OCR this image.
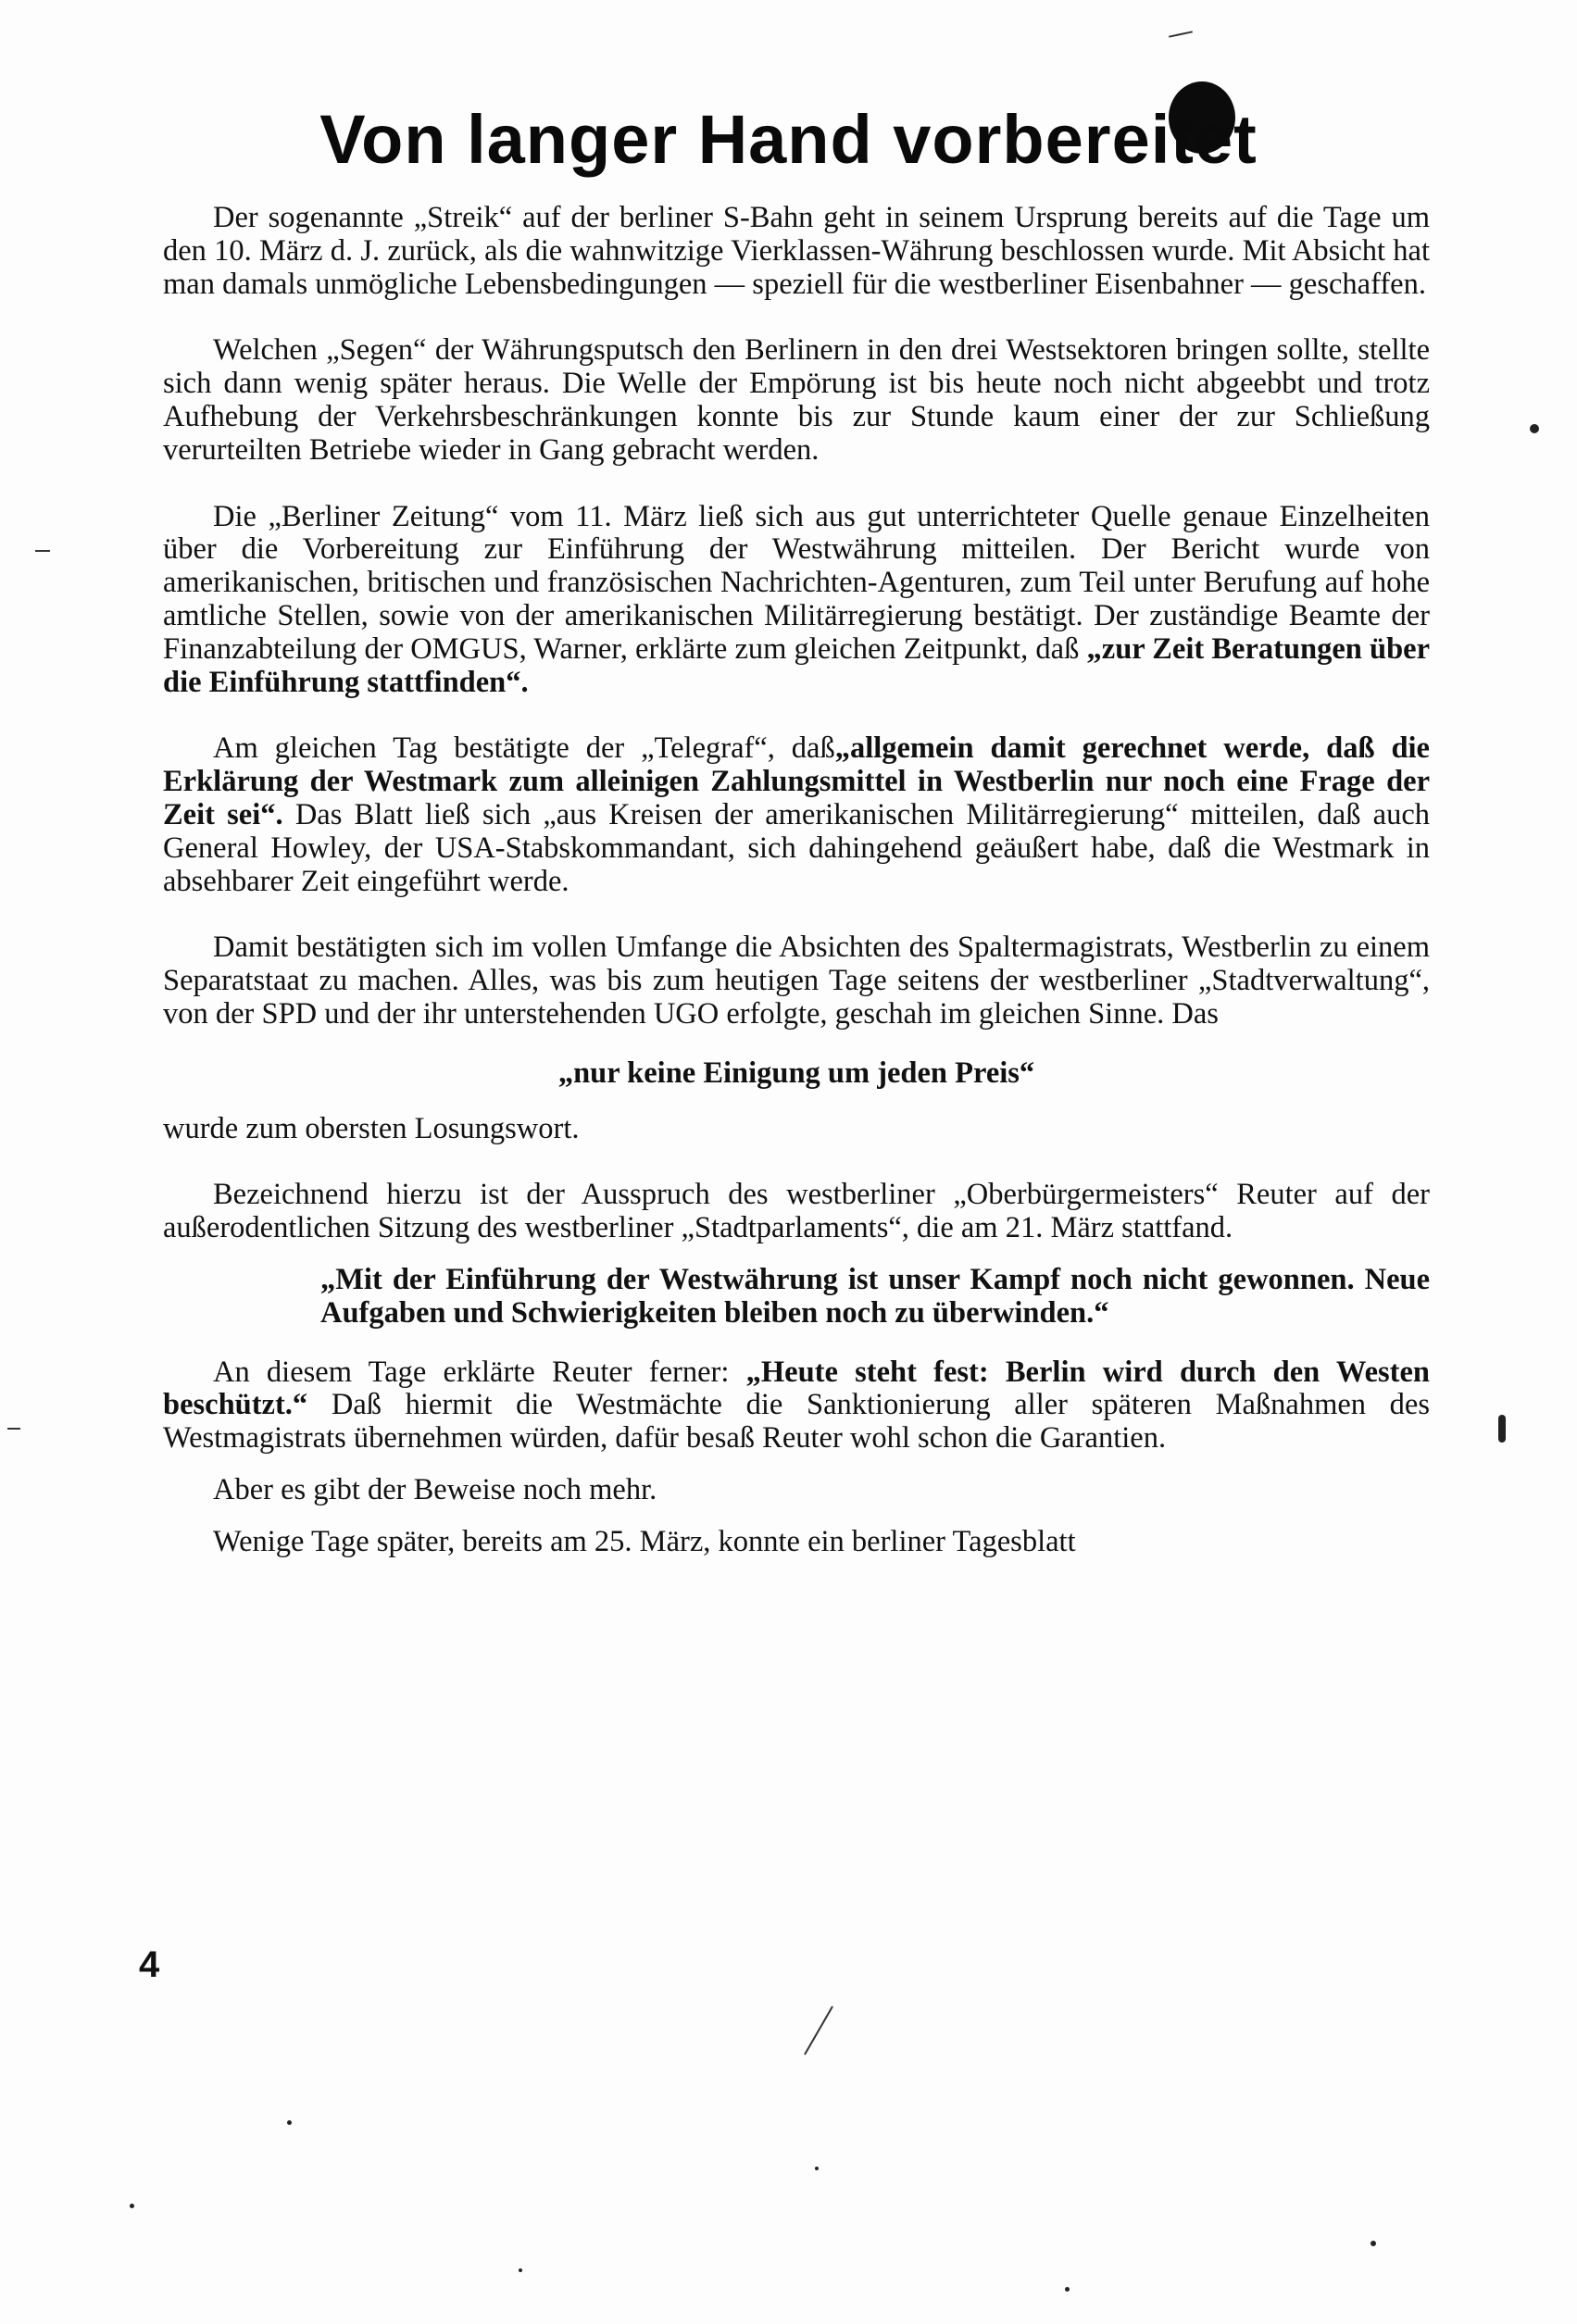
Von langer Hand vorbereitet

Der sogenannte „Streik“ auf der berliner S-Bahn geht in seinem Ursprung bereits auf die Tage um den 10. März d. J. zurück, als die wahnwitzige Vierklassen-Währung beschlossen wurde. Mit Absicht hat man damals unmögliche Lebensbedingungen — speziell für die westberliner Eisenbahner — geschaffen.

Welchen „Segen“ der Währungsputsch den Berlinern in den drei Westsektoren bringen sollte, stellte sich dann wenig später heraus. Die Welle der Empörung ist bis heute noch nicht abgeebbt und trotz Aufhebung der Verkehrsbeschränkungen konnte bis zur Stunde kaum einer der zur Schließung verurteilten Betriebe wieder in Gang gebracht werden.

Die „Berliner Zeitung“ vom 11. März ließ sich aus gut unterrichteter Quelle genaue Einzelheiten über die Vorbereitung zur Einführung der Westwährung mitteilen. Der Bericht wurde von amerikanischen, britischen und französischen Nachrichten-Agenturen, zum Teil unter Berufung auf hohe amtliche Stellen, sowie von der amerikanischen Militärregierung bestätigt. Der zuständige Beamte der Finanzabteilung der OMGUS, Warner, erklärte zum gleichen Zeitpunkt, daß „zur Zeit Beratungen über die Einführung stattfinden“.

Am gleichen Tag bestätigte der „Telegraf“, daß„allgemein damit gerechnet werde, daß die Erklärung der Westmark zum alleinigen Zahlungsmittel in Westberlin nur noch eine Frage der Zeit sei“. Das Blatt ließ sich „aus Kreisen der amerikanischen Militärregierung“ mitteilen, daß auch General Howley, der USA-Stabskommandant, sich dahingehend geäußert habe, daß die Westmark in absehbarer Zeit eingeführt werde.

Damit bestätigten sich im vollen Umfange die Absichten des Spaltermagistrats, Westberlin zu einem Separatstaat zu machen. Alles, was bis zum heutigen Tage seitens der westberliner „Stadtverwaltung“, von der SPD und der ihr unterstehenden UGO erfolgte, geschah im gleichen Sinne. Das

„nur keine Einigung um jeden Preis“

wurde zum obersten Losungswort.

Bezeichnend hierzu ist der Ausspruch des westberliner „Oberbürgermeisters“ Reuter auf der außerodentlichen Sitzung des westberliner „Stadtparlaments“, die am 21. März stattfand.

„Mit der Einführung der Westwährung ist unser Kampf noch nicht gewonnen. Neue Aufgaben und Schwierigkeiten bleiben noch zu überwinden.“

An diesem Tage erklärte Reuter ferner: „Heute steht fest: Berlin wird durch den Westen beschützt.“ Daß hiermit die Westmächte die Sanktionierung aller späteren Maßnahmen des Westmagistrats übernehmen würden, dafür besaß Reuter wohl schon die Garantien.

Aber es gibt der Beweise noch mehr.

Wenige Tage später, bereits am 25. März, konnte ein berliner Tagesblatt

4
